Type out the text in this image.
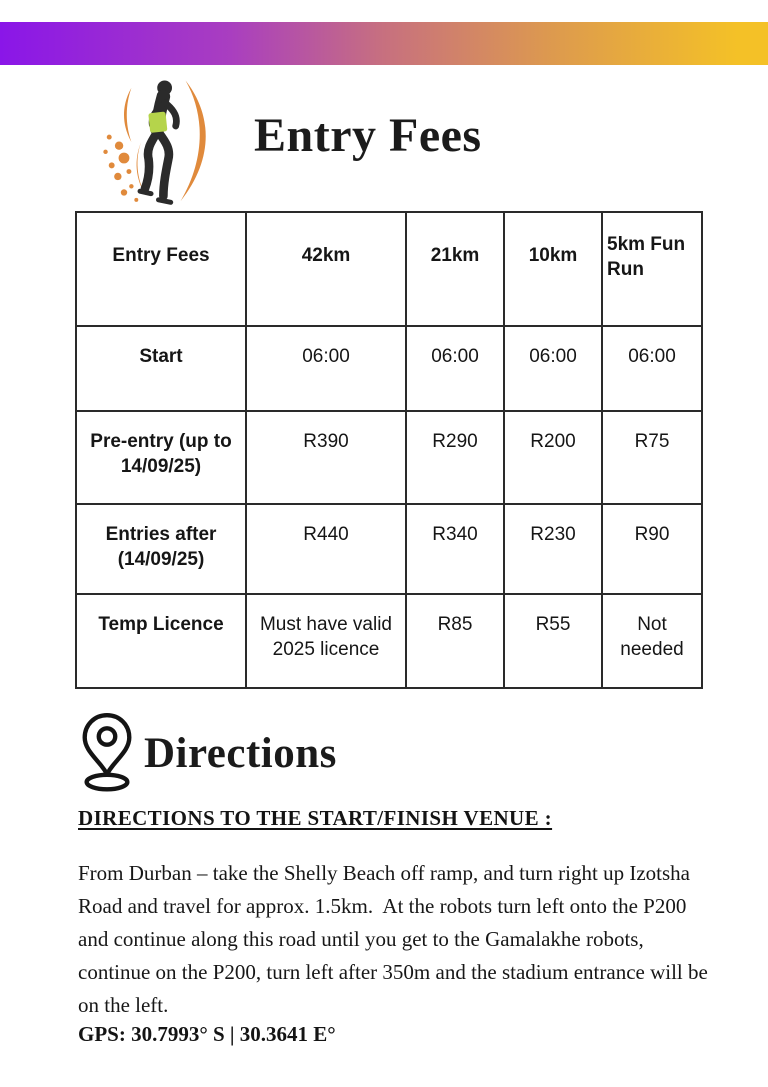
Entry Fees
Entry Fees	42km	21km	10km	5km Fun Run
Start	06:00	06:00	06:00	06:00
Pre-entry (up to 14/09/25)	R390	R290	R200	R75
Entries after (14/09/25)	R440	R340	R230	R90
Temp Licence	Must have valid 2025 licence	R85	R55	Not needed
Directions
DIRECTIONS TO THE START/FINISH VENUE :

From Durban – take the Shelly Beach off ramp, and turn right up Izotsha Road and travel for approx. 1.5km.  At the robots turn left onto the P200 and continue along this road until you get to the Gamalakhe robots, continue on the P200, turn left after 350m and the stadium entrance will be on the left.

GPS: 30.7993° S | 30.3641 E°
